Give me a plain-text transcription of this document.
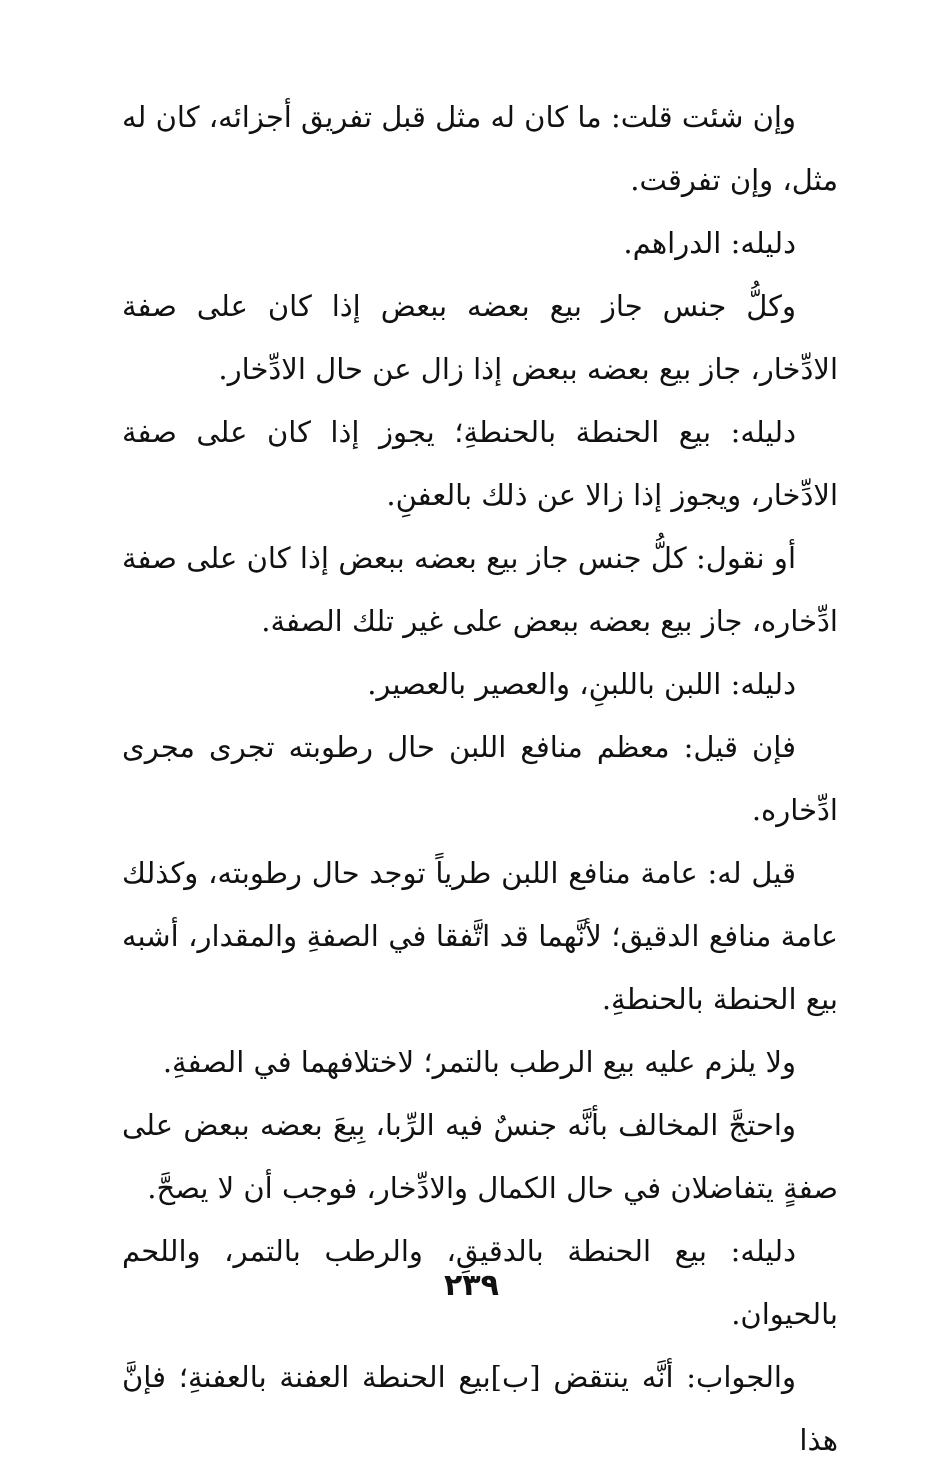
وإن شئت قلت: ما كان له مثل قبل تفريق أجزائه، كان له مثل، وإن تفرقت.

دليله: الدراهم.

وكلُّ جنس جاز بيع بعضه ببعض إذا كان على صفة الادِّخار، جاز بيع بعضه ببعض إذا زال عن حال الادِّخار.

دليله: بيع الحنطة بالحنطةِ؛ يجوز إذا كان على صفة الادِّخار، ويجوز إذا زالا عن ذلك بالعفنِ.

أو نقول: كلُّ جنس جاز بيع بعضه ببعض إذا كان على صفة ادِّخاره، جاز بيع بعضه ببعض على غير تلك الصفة.

دليله: اللبن باللبنِ، والعصير بالعصير.

فإن قيل: معظم منافع اللبن حال رطوبته تجرى مجرى ادِّخاره.

قيل له: عامة منافع اللبن طرياً توجد حال رطوبته، وكذلك عامة منافع الدقيق؛ لأنَّهما قد اتَّفقا في الصفةِ والمقدار، أشبه بيع الحنطة بالحنطةِ.

ولا يلزم عليه بيع الرطب بالتمر؛ لاختلافهما في الصفةِ.

واحتجَّ المخالف بأنَّه جنسٌ فيه الرِّبا، بِيعَ بعضه ببعض على صفةٍ يتفاضلان في حال الكمال والادِّخار، فوجب أن لا يصحَّ.

دليله: بيع الحنطة بالدقيقِ، والرطب بالتمر، واللحم بالحيوان.

والجواب: أنَّه ينتقض [ب]بيع الحنطة العفنة بالعفنةِ؛ فإنَّ هذا

٢٣٩
